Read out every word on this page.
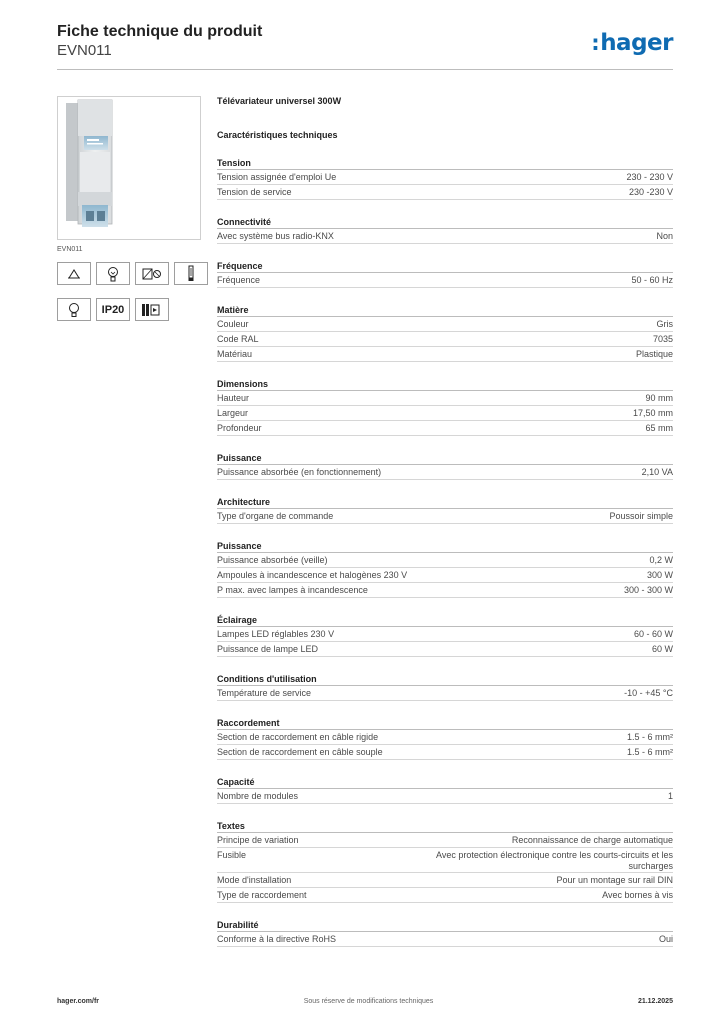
Fiche technique du produit
EVN011	:hager
EVN011
IP20
Télévariateur universel 300W
Caractéristiques techniques
Tension
Tension assignée d'emploi Ue	230 - 230 V
Tension de service	230 -230 V
Connectivité
Avec système bus radio-KNX	Non
Fréquence
Fréquence	50 - 60 Hz
Matière
Couleur	Gris
Code RAL	7035
Matériau	Plastique
Dimensions
Hauteur	90 mm
Largeur	17,50 mm
Profondeur	65 mm
Puissance
Puissance absorbée (en fonctionnement)	2,10 VA
Architecture
Type d'organe de commande	Poussoir simple
Puissance
Puissance absorbée (veille)	0,2 W
Ampoules à incandescence et halogènes 230 V	300 W
P max. avec lampes à incandescence	300 - 300 W
Éclairage
Lampes LED réglables 230 V	60 - 60 W
Puissance de lampe LED	60 W
Conditions d'utilisation
Température de service	-10 - +45 °C
Raccordement
Section de raccordement en câble rigide	1.5 - 6 mm²
Section de raccordement en câble souple	1.5 - 6 mm²
Capacité
Nombre de modules	1
Textes
Principe de variation	Reconnaissance de charge automatique
Fusible	Avec protection électronique contre les courts-circuits et les surcharges
Mode d'installation	Pour un montage sur rail DIN
Type de raccordement	Avec bornes à vis
Durabilité
Conforme à la directive RoHS	Oui
hager.com/fr	Sous réserve de modifications techniques	21.12.2025
